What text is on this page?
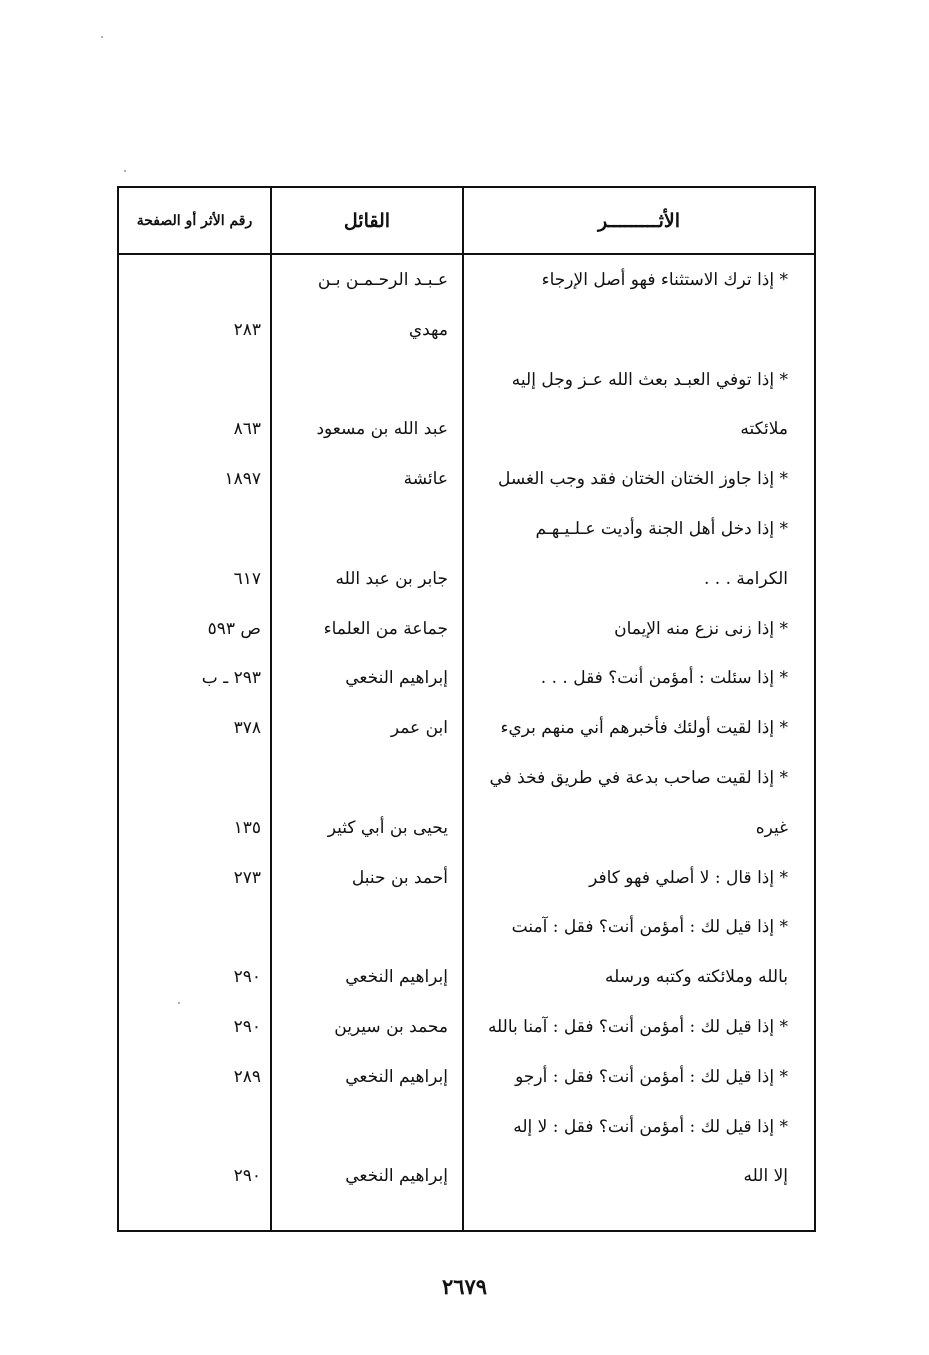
الأثـــــــــر
القائل
رقم الأثر أو الصفحة
* إذا ترك الاستثناء فهو أصل الإرجاء
عـبـد الرحـمـن بـن
مهدي
٢٨٣
* إذا توفي العبـد بعث الله عـز وجل إليه
ملائكته
عبد الله بن مسعود
٨٦٣
* إذا جاوز الختان الختان فقد وجب الغسل
عائشة
١٨٩٧
* إذا دخل أهل الجنة وأديت عـلـيـهـم
الكرامة . . .
جابر بن عبد الله
٦١٧
* إذا زنى نزع منه الإيمان
جماعة من العلماء
ص ٥٩٣
* إذا سئلت : أمؤمن أنت؟ فقل . . .
إبراهيم النخعي
٢٩٣ ـ ب
* إذا لقيت أولئك فأخبرهم أني منهم بريء
ابن عمر
٣٧٨
* إذا لقيت صاحب بدعة في طريق فخذ في
غيره
يحيى بن أبي كثير
١٣٥
* إذا قال : لا أصلي فهو كافر
أحمد بن حنبل
٢٧٣
* إذا قيل لك : أمؤمن أنت؟ فقل : آمنت
بالله وملائكته وكتبه ورسله
إبراهيم النخعي
٢٩٠
* إذا قيل لك : أمؤمن أنت؟ فقل : آمنا بالله
محمد بن سيرين
٢٩٠
* إذا قيل لك : أمؤمن أنت؟ فقل : أرجو
إبراهيم النخعي
٢٨٩
* إذا قيل لك : أمؤمن أنت؟ فقل : لا إله
إلا الله
إبراهيم النخعي
٢٩٠
٢٦٧٩
